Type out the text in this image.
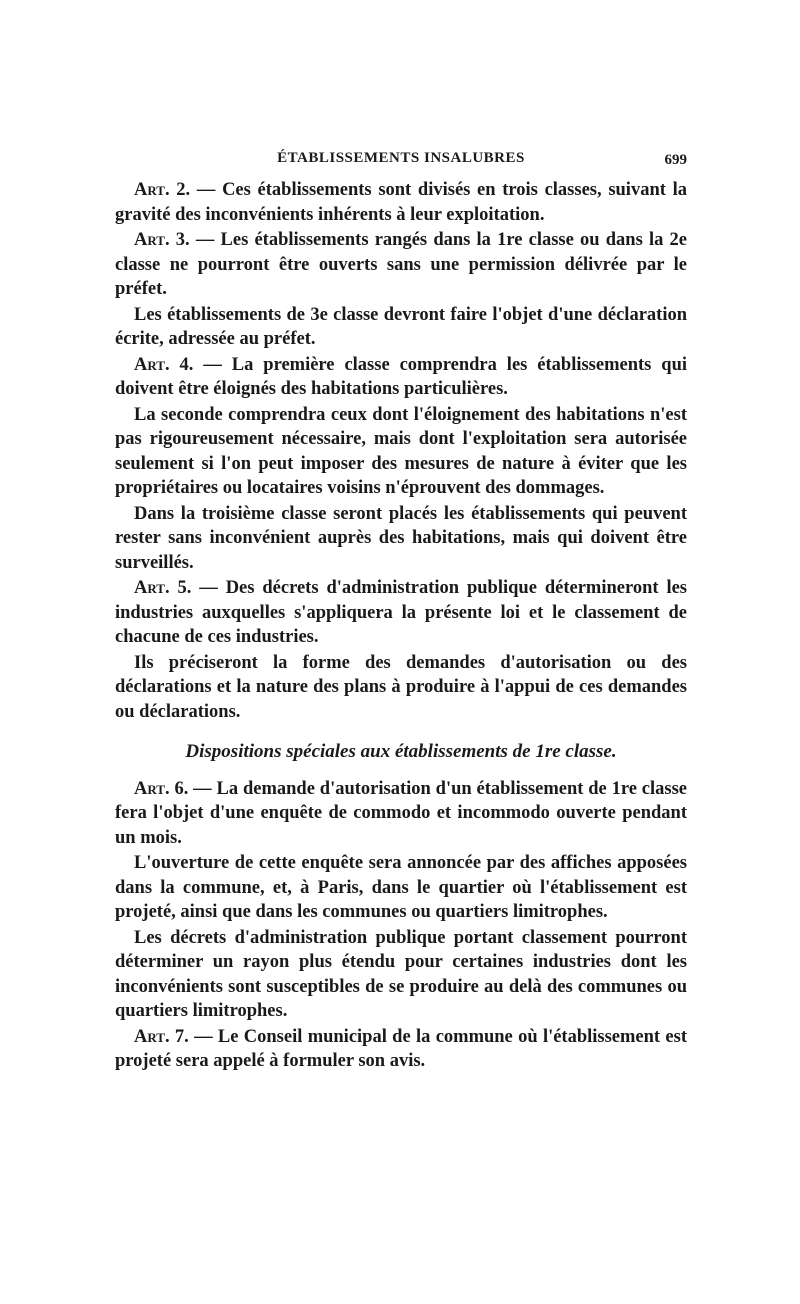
ÉTABLISSEMENTS INSALUBRES	699

Art. 2. — Ces établissements sont divisés en trois classes, suivant la gravité des inconvénients inhérents à leur exploitation.

Art. 3. — Les établissements rangés dans la 1re classe ou dans la 2e classe ne pourront être ouverts sans une permission délivrée par le préfet.

Les établissements de 3e classe devront faire l'objet d'une déclaration écrite, adressée au préfet.

Art. 4. — La première classe comprendra les établissements qui doivent être éloignés des habitations particulières.

La seconde comprendra ceux dont l'éloignement des habitations n'est pas rigoureusement nécessaire, mais dont l'exploitation sera autorisée seulement si l'on peut imposer des mesures de nature à éviter que les propriétaires ou locataires voisins n'éprouvent des dommages.

Dans la troisième classe seront placés les établissements qui peuvent rester sans inconvénient auprès des habitations, mais qui doivent être surveillés.

Art. 5. — Des décrets d'administration publique détermineront les industries auxquelles s'appliquera la présente loi et le classement de chacune de ces industries.

Ils préciseront la forme des demandes d'autorisation ou des déclarations et la nature des plans à produire à l'appui de ces demandes ou déclarations.

Dispositions spéciales aux établissements de 1re classe.

Art. 6. — La demande d'autorisation d'un établissement de 1re classe fera l'objet d'une enquête de commodo et incommodo ouverte pendant un mois.

L'ouverture de cette enquête sera annoncée par des affiches apposées dans la commune, et, à Paris, dans le quartier où l'établissement est projeté, ainsi que dans les communes ou quartiers limitrophes.

Les décrets d'administration publique portant classement pourront déterminer un rayon plus étendu pour certaines industries dont les inconvénients sont susceptibles de se produire au delà des communes ou quartiers limitrophes.

Art. 7. — Le Conseil municipal de la commune où l'établissement est projeté sera appelé à formuler son avis.
